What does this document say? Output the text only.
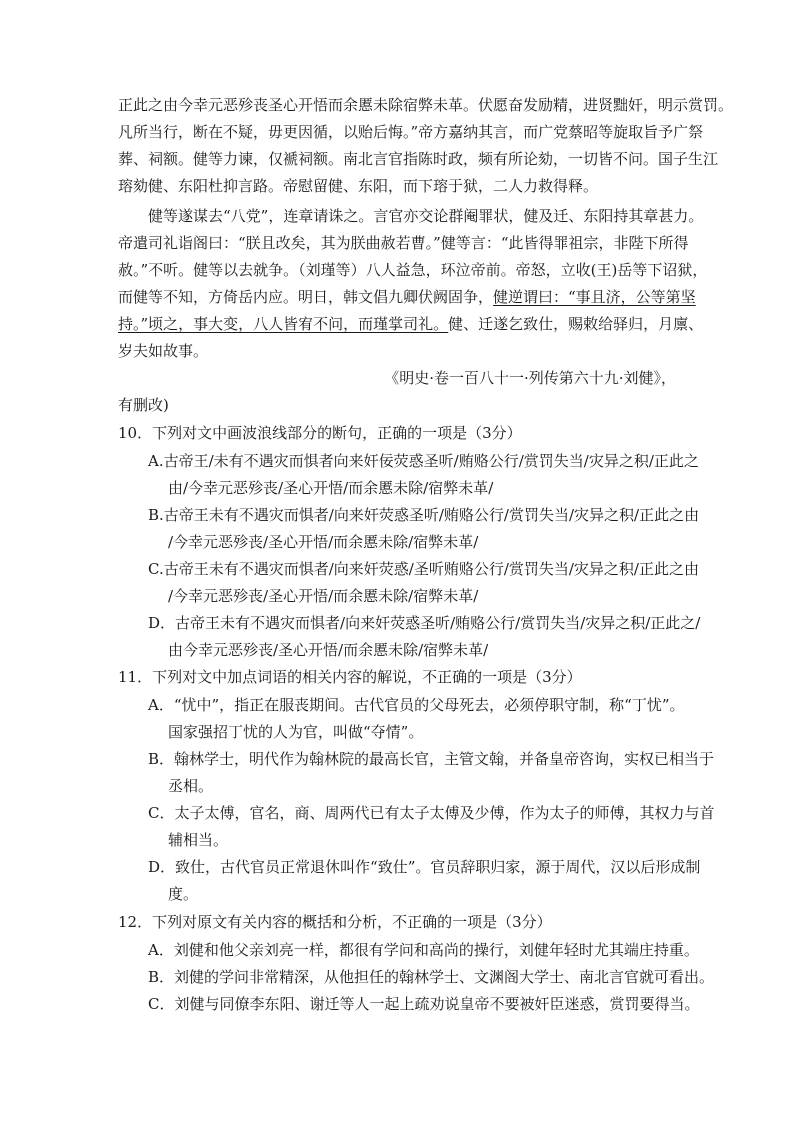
正此之由今幸元恶殄丧圣心开悟而余慝未除宿弊未革。伏愿奋发励精，进贤黜奸，明示赏罚。
凡所当行，断在不疑，毋更因循，以贻后悔。”帝方嘉纳其言，而广党蔡昭等旋取旨予广祭
葬、祠额。健等力谏，仅褫祠额。南北言官指陈时政，频有所论劾，一切皆不问。国子生江
瑢劾健、东阳杜抑言路。帝慰留健、东阳，而下瑢于狱，二人力救得释。
健等遂谋去“八党”，连章请诛之。言官亦交论群阉罪状，健及迁、东阳持其章甚力。
帝遣司礼诣阁曰：“朕且改矣，其为朕曲赦若曹。”健等言：“此皆得罪祖宗，非陛下所得
赦。”不听。健等以去就争。（刘瑾等）八人益急，环泣帝前。帝怒，立收(王)岳等下诏狱，
而健等不知，方倚岳内应。明日，韩文倡九卿伏阙固争，健逆谓曰：“事且济，公等第坚
持。”顷之，事大变，八人皆宥不问，而瑾掌司礼。健、迁遂乞致仕，赐敕给驿归，月廪、
岁夫如故事。
《明史·卷一百八十一·列传第六十九·刘健》，
有删改)
10．下列对文中画波浪线部分的断句，正确的一项是（3分）
A.古帝王/未有不遇灾而惧者向来奸佞荧惑圣听/贿赂公行/赏罚失当/灾异之积/正此之
由/今幸元恶殄丧/圣心开悟/而余慝未除/宿弊未革/
B.古帝王未有不遇灾而惧者/向来奸荧惑圣听/贿赂公行/赏罚失当/灾异之积/正此之由
/今幸元恶殄丧/圣心开悟/而余慝未除/宿弊未革/
C.古帝王未有不遇灾而惧者/向来奸荧惑/圣听贿赂公行/赏罚失当/灾异之积/正此之由
/今幸元恶殄丧/圣心开悟/而余慝未除/宿弊未革/
D．古帝王未有不遇灾而惧者/向来奸荧惑圣听/贿赂公行/赏罚失当/灾异之积/正此之/
由今幸元恶殄丧/圣心开悟/而余慝未除/宿弊未革/
11．下列对文中加点词语的相关内容的解说，不正确的一项是（3分）
A．“忧中”，指正在服丧期间。古代官员的父母死去，必须停职守制，称“丁忧”。
国家强招丁忧的人为官，叫做“夺情”。
B．翰林学士，明代作为翰林院的最高长官，主管文翰，并备皇帝咨询，实权已相当于
丞相。
C．太子太傅，官名，商、周两代已有太子太傅及少傅，作为太子的师傅，其权力与首
辅相当。
D．致仕，古代官员正常退休叫作“致仕”。官员辞职归家，源于周代，汉以后形成制
度。
12．下列对原文有关内容的概括和分析，不正确的一项是（3分）
A．刘健和他父亲刘亮一样，都很有学问和高尚的操行，刘健年轻时尤其端庄持重。
B．刘健的学问非常精深，从他担任的翰林学士、文渊阁大学士、南北言官就可看出。
C．刘健与同僚李东阳、谢迁等人一起上疏劝说皇帝不要被奸臣迷惑，赏罚要得当。
